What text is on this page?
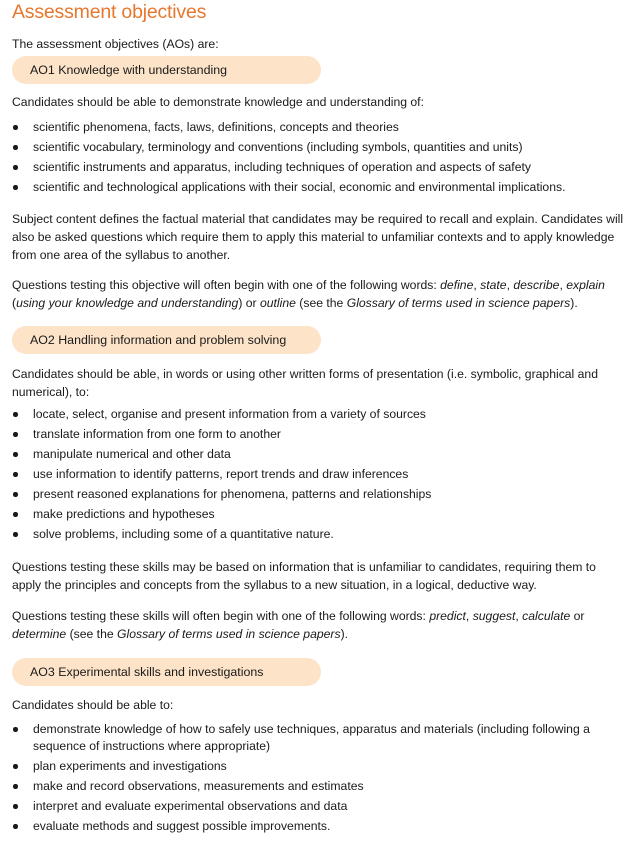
Assessment objectives

The assessment objectives (AOs) are:

AO1 Knowledge with understanding

Candidates should be able to demonstrate knowledge and understanding of:

scientific phenomena, facts, laws, definitions, concepts and theories
scientific vocabulary, terminology and conventions (including symbols, quantities and units)
scientific instruments and apparatus, including techniques of operation and aspects of safety
scientific and technological applications with their social, economic and environmental implications.

Subject content defines the factual material that candidates may be required to recall and explain. Candidates will also be asked questions which require them to apply this material to unfamiliar contexts and to apply knowledge from one area of the syllabus to another.

Questions testing this objective will often begin with one of the following words: define, state, describe, explain (using your knowledge and understanding) or outline (see the Glossary of terms used in science papers).

AO2 Handling information and problem solving

Candidates should be able, in words or using other written forms of presentation (i.e. symbolic, graphical and numerical), to:

locate, select, organise and present information from a variety of sources
translate information from one form to another
manipulate numerical and other data
use information to identify patterns, report trends and draw inferences
present reasoned explanations for phenomena, patterns and relationships
make predictions and hypotheses
solve problems, including some of a quantitative nature.

Questions testing these skills may be based on information that is unfamiliar to candidates, requiring them to apply the principles and concepts from the syllabus to a new situation, in a logical, deductive way.

Questions testing these skills will often begin with one of the following words: predict, suggest, calculate or determine (see the Glossary of terms used in science papers).

AO3 Experimental skills and investigations

Candidates should be able to:

demonstrate knowledge of how to safely use techniques, apparatus and materials (including following a sequence of instructions where appropriate)
plan experiments and investigations
make and record observations, measurements and estimates
interpret and evaluate experimental observations and data
evaluate methods and suggest possible improvements.
